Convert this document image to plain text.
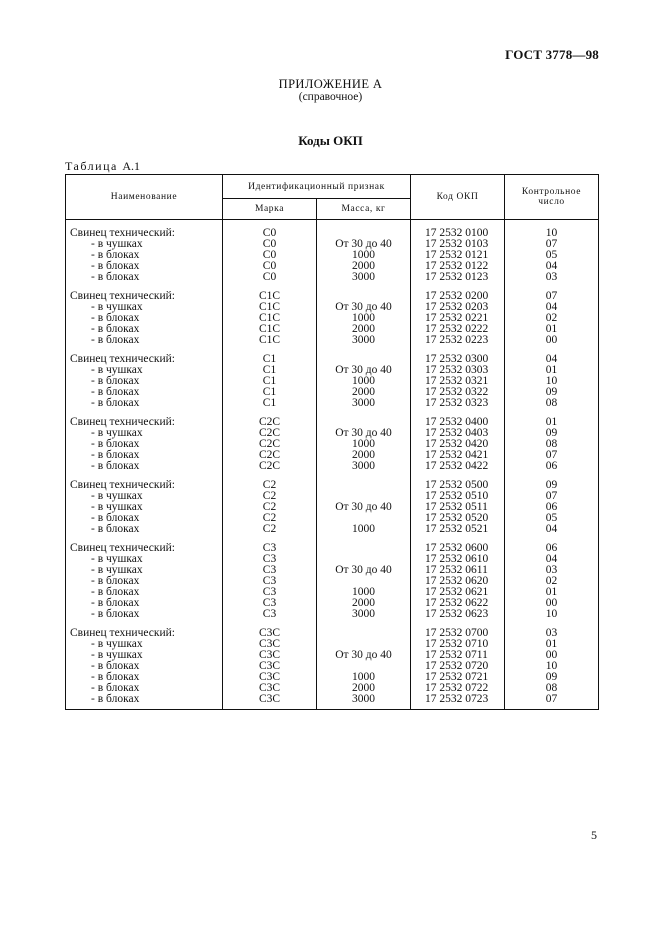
ГОСТ 3778—98
ПРИЛОЖЕНИЕ А
(справочное)
Коды ОКП
Таблица А.1
Наименование	Идентификационный признак		Код ОКП	Контрольное число
	Марка	Масса, кг		
Свинец технический:	С0		17 2532 0100	10
- в чушках	С0	От 30 до 40	17 2532 0103	07
- в блоках	С0	1000	17 2532 0121	05
- в блоках	С0	2000	17 2532 0122	04
- в блоках	С0	3000	17 2532 0123	03
Свинец технический:	С1С		17 2532 0200	07
- в чушках	С1С	От 30 до 40	17 2532 0203	04
- в блоках	С1С	1000	17 2532 0221	02
- в блоках	С1С	2000	17 2532 0222	01
- в блоках	С1С	3000	17 2532 0223	00
Свинец технический:	С1		17 2532 0300	04
- в чушках	С1	От 30 до 40	17 2532 0303	01
- в блоках	С1	1000	17 2532 0321	10
- в блоках	С1	2000	17 2532 0322	09
- в блоках	С1	3000	17 2532 0323	08
Свинец технический:	С2С		17 2532 0400	01
- в чушках	С2С	От 30 до 40	17 2532 0403	09
- в блоках	С2С	1000	17 2532 0420	08
- в блоках	С2С	2000	17 2532 0421	07
- в блоках	С2С	3000	17 2532 0422	06
Свинец технический:	С2		17 2532 0500	09
- в чушках	С2		17 2532 0510	07
- в чушках	С2	От 30 до 40	17 2532 0511	06
- в блоках	С2		17 2532 0520	05
- в блоках	С2	1000	17 2532 0521	04
Свинец технический:	С3		17 2532 0600	06
- в чушках	С3		17 2532 0610	04
- в чушках	С3	От 30 до 40	17 2532 0611	03
- в блоках	С3		17 2532 0620	02
- в блоках	С3	1000	17 2532 0621	01
- в блоках	С3	2000	17 2532 0622	00
- в блоках	С3	3000	17 2532 0623	10
Свинец технический:	С3С		17 2532 0700	03
- в чушках	С3С		17 2532 0710	01
- в чушках	С3С	От 30 до 40	17 2532 0711	00
- в блоках	С3С		17 2532 0720	10
- в блоках	С3С	1000	17 2532 0721	09
- в блоках	С3С	2000	17 2532 0722	08
- в блоках	С3С	3000	17 2532 0723	07
5
